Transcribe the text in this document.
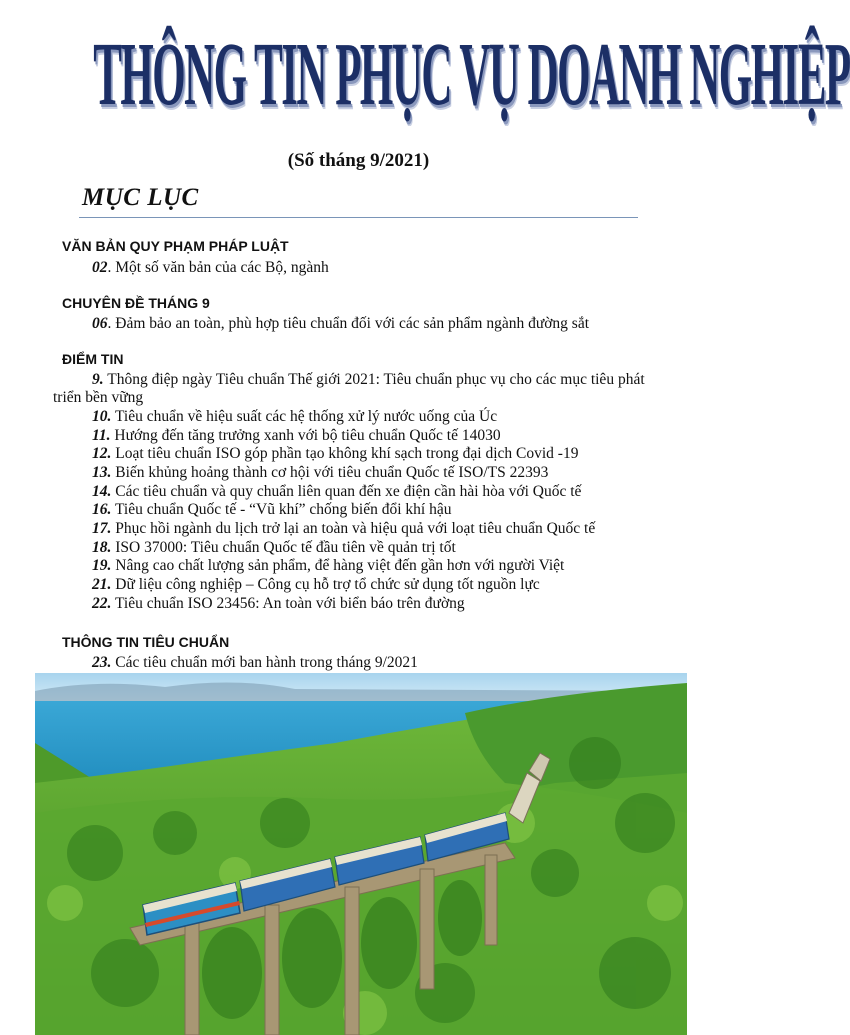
THÔNG TIN PHỤC VỤ DOANH NGHIỆP
(Số tháng 9/2021)
MỤC LỤC
VĂN BẢN QUY PHẠM PHÁP LUẬT
02. Một số văn bản của các Bộ, ngành
CHUYÊN ĐỀ THÁNG 9
06. Đảm bảo an toàn, phù hợp tiêu chuẩn đối với các sản phẩm ngành đường sắt
ĐIỂM TIN
9. Thông điệp ngày Tiêu chuẩn Thế giới 2021: Tiêu chuẩn phục vụ cho các mục tiêu phát
triển bền vững
10. Tiêu chuẩn về hiệu suất các hệ thống xử lý nước uống của Úc
11. Hướng đến tăng trưởng xanh với bộ tiêu chuẩn Quốc tế 14030
12. Loạt tiêu chuẩn ISO góp phần tạo không khí sạch trong đại dịch Covid -19
13. Biến khủng hoảng thành cơ hội với tiêu chuẩn Quốc tế ISO/TS 22393
14. Các tiêu chuẩn và quy chuẩn liên quan đến xe điện cần hài hòa với Quốc tế
16. Tiêu chuẩn Quốc tế - “Vũ khí” chống biến đổi khí hậu
17. Phục hồi ngành du lịch trở lại an toàn và hiệu quả với loạt tiêu chuẩn Quốc tế
18. ISO 37000: Tiêu chuẩn Quốc tế đầu tiên về quản trị tốt
19. Nâng cao chất lượng sản phẩm, để hàng việt đến gần hơn với người Việt
21. Dữ liệu công nghiệp – Công cụ hỗ trợ tổ chức sử dụng tốt nguồn lực
22. Tiêu chuẩn ISO 23456: An toàn với biển báo trên đường
THÔNG TIN TIÊU CHUẨN
23. Các tiêu chuẩn mới ban hành trong tháng 9/2021
